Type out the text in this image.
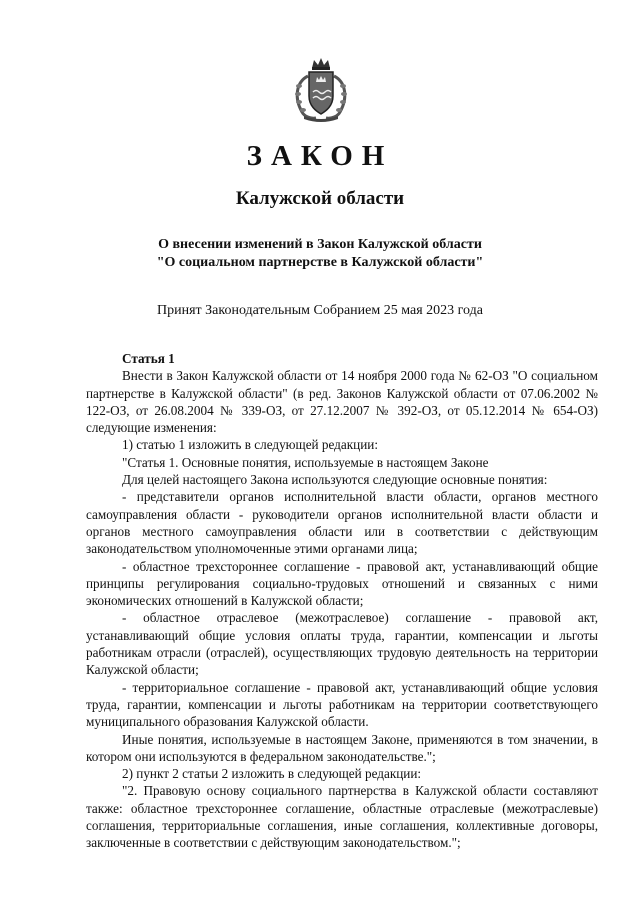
ЗАКОН
Калужской области
О внесении изменений в Закон Калужской области
"О социальном партнерстве в Калужской области"
Принят Законодательным Собранием 25 мая 2023 года

Статья 1

Внести в Закон Калужской области от 14 ноября 2000 года № 62-ОЗ "О социальном партнерстве в Калужской области" (в ред. Законов Калужской области от 07.06.2002 № 122-ОЗ, от 26.08.2004 № 339-ОЗ, от 27.12.2007 № 392-ОЗ, от 05.12.2014 № 654-ОЗ) следующие изменения:

1) статью 1 изложить в следующей редакции:

"Статья 1. Основные понятия, используемые в настоящем Законе

Для целей настоящего Закона используются следующие основные понятия:

- представители органов исполнительной власти области, органов местного самоуправления области - руководители органов исполнительной власти области и органов местного самоуправления области или в соответствии с действующим законодательством уполномоченные этими органами лица;

- областное трехстороннее соглашение - правовой акт, устанавливающий общие принципы регулирования социально-трудовых отношений и связанных с ними экономических отношений в Калужской области;

- областное отраслевое (межотраслевое) соглашение - правовой акт, устанавливающий общие условия оплаты труда, гарантии, компенсации и льготы работникам отрасли (отраслей), осуществляющих трудовую деятельность на территории Калужской области;

- территориальное соглашение - правовой акт, устанавливающий общие условия труда, гарантии, компенсации и льготы работникам на территории соответствующего муниципального образования Калужской области.

Иные понятия, используемые в настоящем Законе, применяются в том значении, в котором они используются в федеральном законодательстве.";

2) пункт 2 статьи 2 изложить в следующей редакции:

"2. Правовую основу социального партнерства в Калужской области составляют также: областное трехстороннее соглашение, областные отраслевые (межотраслевые) соглашения, территориальные соглашения, иные соглашения, коллективные договоры, заключенные в соответствии с действующим законодательством.";
